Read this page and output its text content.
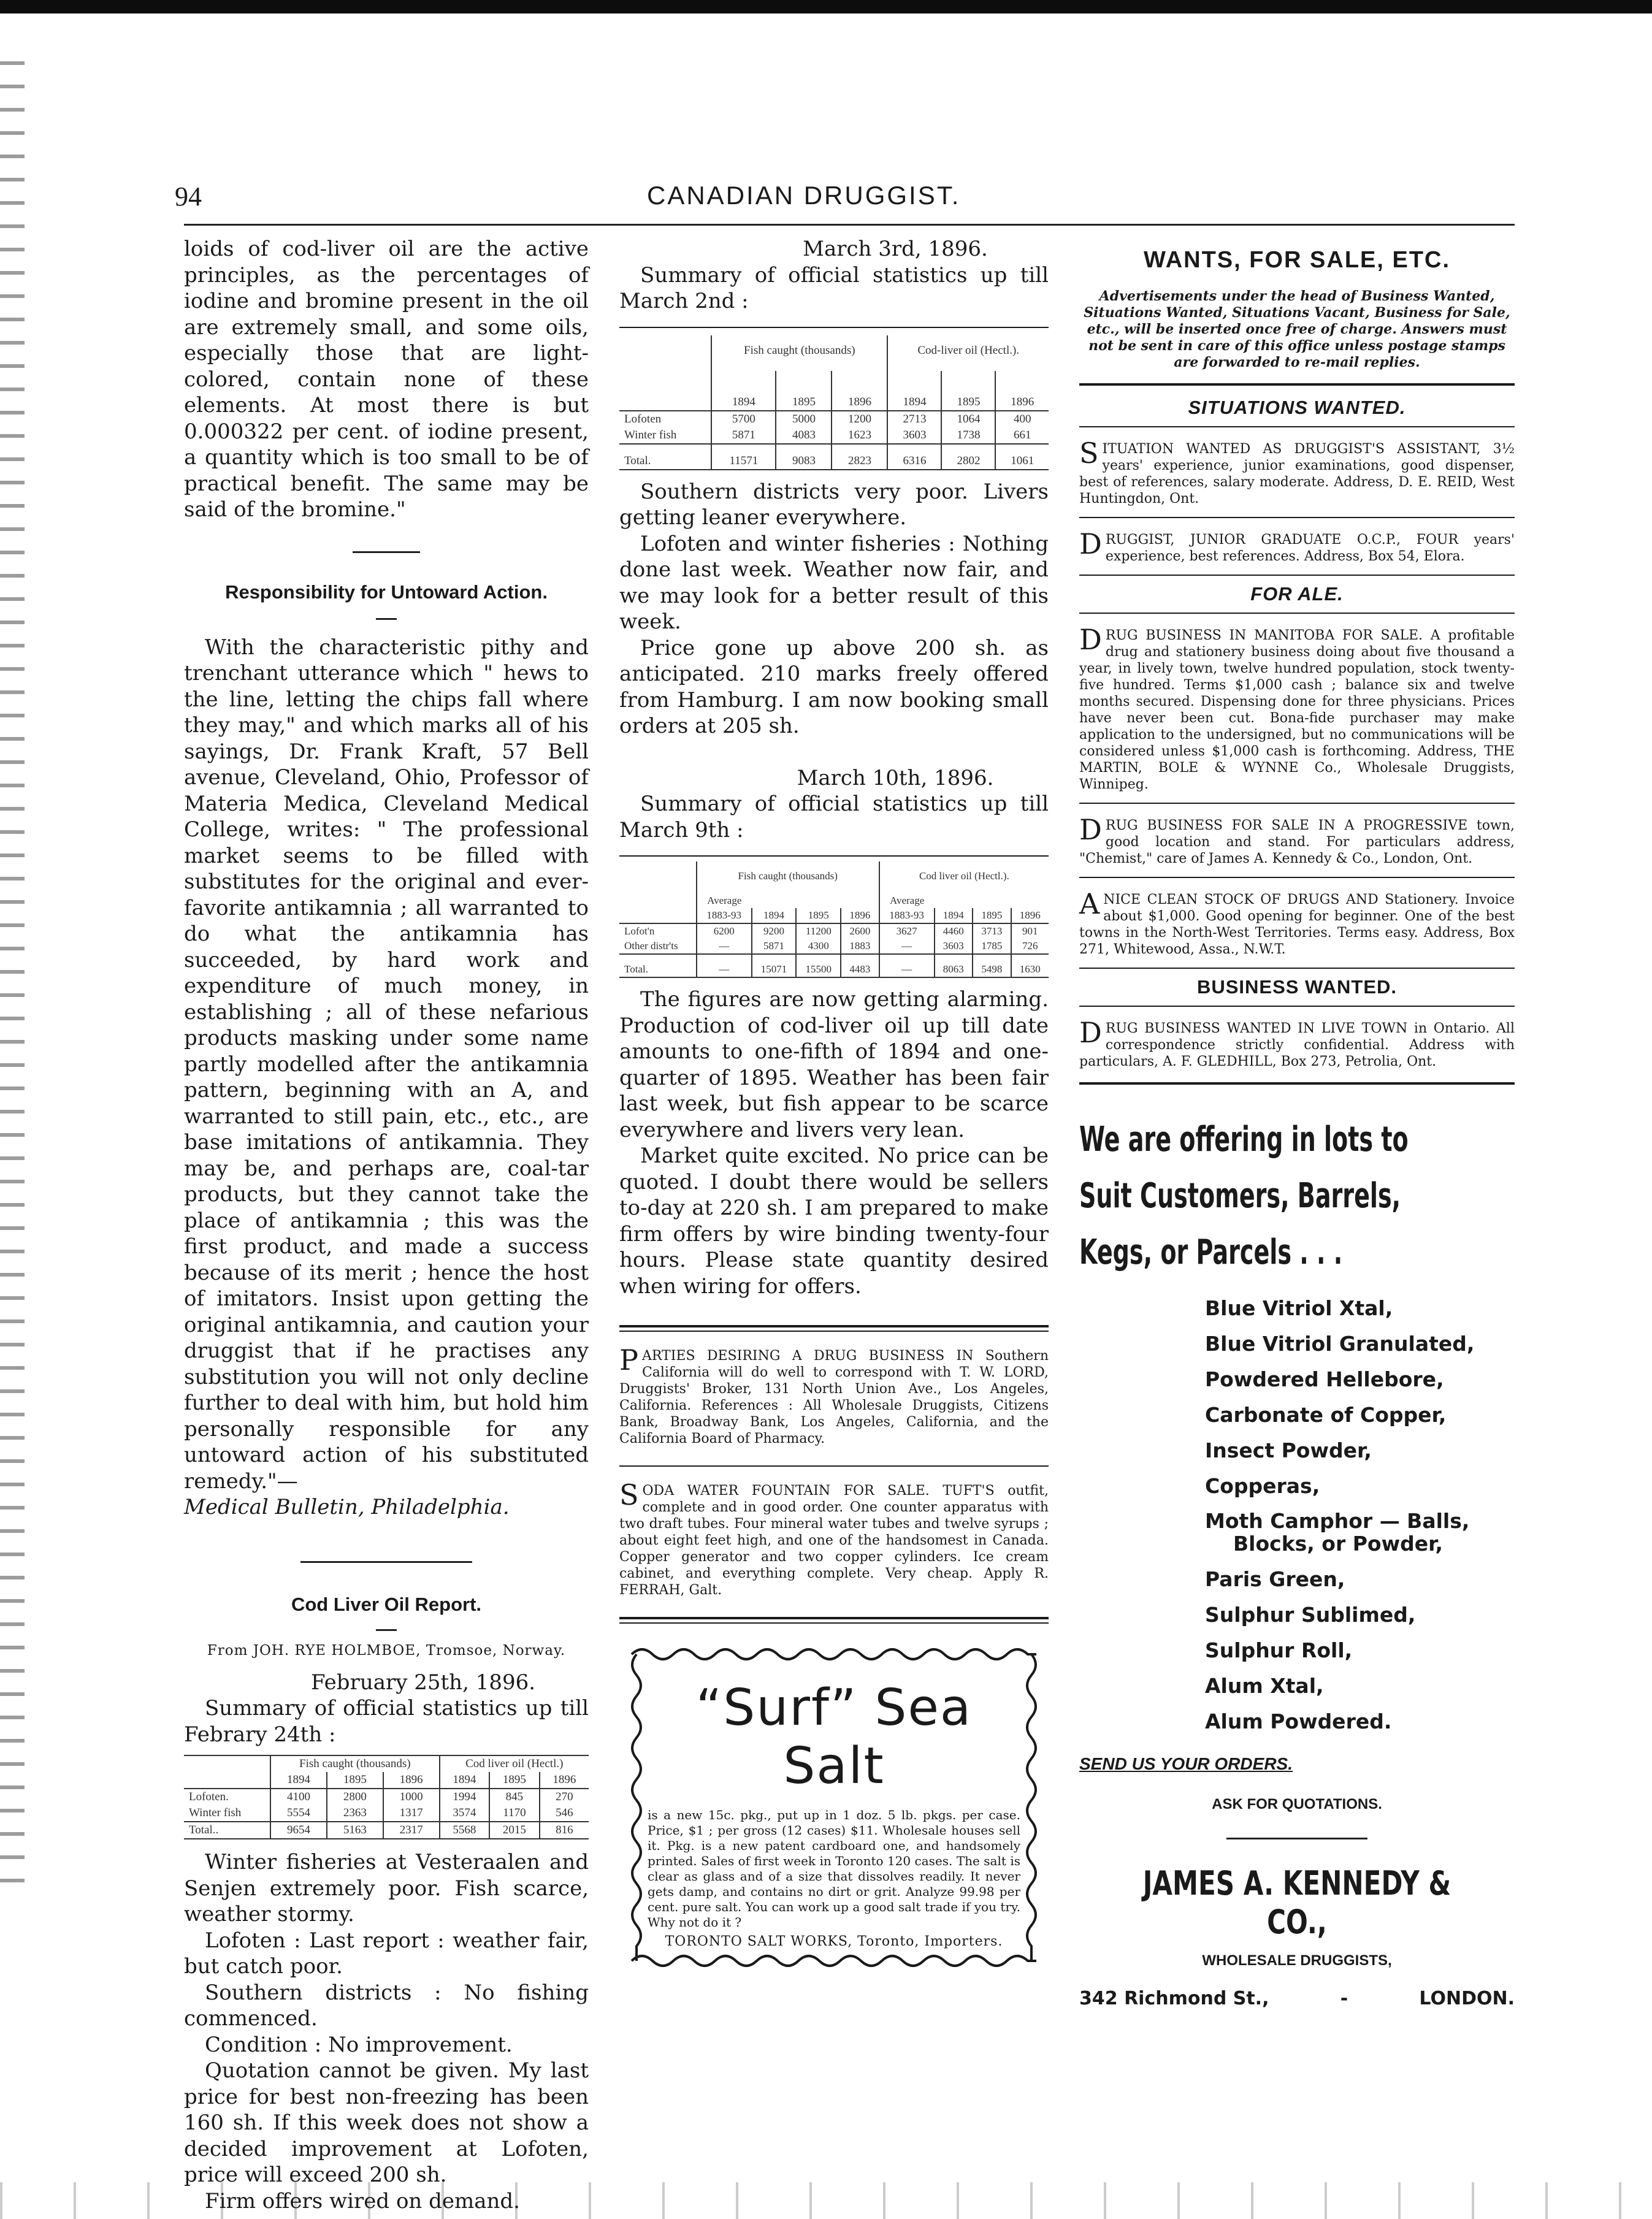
94	CANADIAN DRUGGIST.

loids of cod-liver oil are the active principles, as the percentages of iodine and bromine present in the oil are extremely small, and some oils, especially those that are light-colored, contain none of these elements. At most there is but 0.000322 per cent. of iodine present, a quantity which is too small to be of practical benefit. The same may be said of the bromine."

Responsibility for Untoward Action.

With the characteristic pithy and trenchant utterance which " hews to the line, letting the chips fall where they may," and which marks all of his sayings, Dr. Frank Kraft, 57 Bell avenue, Cleveland, Ohio, Professor of Materia Medica, Cleveland Medical College, writes: " The professional market seems to be filled with substitutes for the original and ever-favorite antikamnia ; all warranted to do what the antikamnia has succeeded, by hard work and expenditure of much money, in establishing ; all of these nefarious products masking under some name partly modelled after the antikamnia pattern, beginning with an A, and warranted to still pain, etc., etc., are base imitations of antikamnia. They may be, and perhaps are, coal-tar products, but they cannot take the place of antikamnia ; this was the first product, and made a success because of its merit ; hence the host of imitators. Insist upon getting the original antikamnia, and caution your druggist that if he practises any substitution you will not only decline further to deal with him, but hold him personally responsible for any untoward action of his substituted remedy."—

Medical Bulletin, Philadelphia.

Cod Liver Oil Report.
From JOH. RYE HOLMBOE, Tromsoe, Norway.
February 25th, 1896.

Summary of official statistics up till Febrary 24th :

	Fish caught (thousands)			Cod liver oil (Hectl.)		
	1894	1895	1896	1894	1895	1896
Lofoten.	4100	2800	1000	1994	845	270
Winter fish	5554	2363	1317	3574	1170	546
Total..	9654	5163	2317	5568	2015	816

Winter fisheries at Vesteraalen and Senjen extremely poor. Fish scarce, weather stormy.

Lofoten : Last report : weather fair, but catch poor.

Southern districts : No fishing commenced.

Condition : No improvement.

Quotation cannot be given. My last price for best non-freezing has been 160 sh. If this week does not show a decided improvement at Lofoten, price will exceed 200 sh.

Firm offers wired on demand.

March 3rd, 1896.

Summary of official statistics up till March 2nd :

	Fish caught (thousands)			Cod-liver oil (Hectl.).		
	1894	1895	1896	1894	1895	1896
Lofoten	5700	5000	1200	2713	1064	400
Winter fish	5871	4083	1623	3603	1738	661
Total.	11571	9083	2823	6316	2802	1061

Southern districts very poor. Livers getting leaner everywhere.

Lofoten and winter fisheries : Nothing done last week. Weather now fair, and we may look for a better result of this week.

Price gone up above 200 sh. as anticipated. 210 marks freely offered from Hamburg. I am now booking small orders at 205 sh.

March 10th, 1896.

Summary of official statistics up till March 9th :

	Fish caught (thousands)				Cod liver oil (Hectl.).			
	Average				Average			
	1883-93	1894	1895	1896	1883-93	1894	1895	1896
Lofot'n	6200	9200	11200	2600	3627	4460	3713	901
Other distr'ts	—	5871	4300	1883	—	3603	1785	726
Total.	—	15071	15500	4483	—	8063	5498	1630

The figures are now getting alarming. Production of cod-liver oil up till date amounts to one-fifth of 1894 and one-quarter of 1895. Weather has been fair last week, but fish appear to be scarce everywhere and livers very lean.

Market quite excited. No price can be quoted. I doubt there would be sellers to-day at 220 sh. I am prepared to make firm offers by wire binding twenty-four hours. Please state quantity desired when wiring for offers.

PARTIES DESIRING A DRUG BUSINESS IN Southern California will do well to correspond with T. W. LORD, Druggists' Broker, 131 North Union Ave., Los Angeles, California. References : All Wholesale Druggists, Citizens Bank, Broadway Bank, Los Angeles, California, and the California Board of Pharmacy.
SODA WATER FOUNTAIN FOR SALE. TUFT'S outfit, complete and in good order. One counter apparatus with two draft tubes. Four mineral water tubes and twelve syrups ; about eight feet high, and one of the handsomest in Canada. Copper generator and two copper cylinders. Ice cream cabinet, and everything complete. Very cheap. Apply R. FERRAH, Galt.
“Surf” Sea Salt
is a new 15c. pkg., put up in 1 doz. 5 lb. pkgs. per case. Price, $1 ; per gross (12 cases) $11. Wholesale houses sell it. Pkg. is a new patent cardboard one, and handsomely printed. Sales of first week in Toronto 120 cases. The salt is clear as glass and of a size that dissolves readily. It never gets damp, and contains no dirt or grit. Analyze 99.98 per cent. pure salt. You can work up a good salt trade if you try. Why not do it ?
TORONTO SALT WORKS, Toronto, Importers.
WANTS, FOR SALE, ETC.
Advertisements under the head of Business Wanted, Situations Wanted, Situations Vacant, Business for Sale, etc., will be inserted once free of charge. Answers must not be sent in care of this office unless postage stamps are forwarded to re-mail replies.
SITUATIONS WANTED.
SITUATION WANTED AS DRUGGIST'S ASSISTANT, 3½ years' experience, junior examinations, good dispenser, best of references, salary moderate. Address, D. E. REID, West Huntingdon, Ont.
DRUGGIST, JUNIOR GRADUATE O.C.P., FOUR years' experience, best references. Address, Box 54, Elora.
FOR ALE.
DRUG BUSINESS IN MANITOBA FOR SALE. A profitable drug and stationery business doing about five thousand a year, in lively town, twelve hundred population, stock twenty-five hundred. Terms $1,000 cash ; balance six and twelve months secured. Dispensing done for three physicians. Prices have never been cut. Bona-fide purchaser may make application to the undersigned, but no communications will be considered unless $1,000 cash is forthcoming. Address, THE MARTIN, BOLE & WYNNE Co., Wholesale Druggists, Winnipeg.
DRUG BUSINESS FOR SALE IN A PROGRESSIVE town, good location and stand. For particulars address, "Chemist," care of James A. Kennedy & Co., London, Ont.
ANICE CLEAN STOCK OF DRUGS AND Stationery. Invoice about $1,000. Good opening for beginner. One of the best towns in the North-West Territories. Terms easy. Address, Box 271, Whitewood, Assa., N.W.T.
BUSINESS WANTED.
DRUG BUSINESS WANTED IN LIVE TOWN in Ontario. All correspondence strictly confidential. Address with particulars, A. F. GLEDHILL, Box 273, Petrolia, Ont.
We are offering in lots to
Suit Customers, Barrels,
Kegs, or Parcels . . .
Blue Vitriol Xtal,
Blue Vitriol Granulated,
Powdered Hellebore,
Carbonate of Copper,
Insect Powder,
Copperas,
Moth Camphor — Balls,
Blocks, or Powder,
Paris Green,
Sulphur Sublimed,
Sulphur Roll,
Alum Xtal,
Alum Powdered.
SEND US YOUR ORDERS.
ASK FOR QUOTATIONS.
JAMES A. KENNEDY & CO.,
WHOLESALE DRUGGISTS,
342 Richmond St.,	-	LONDON.
